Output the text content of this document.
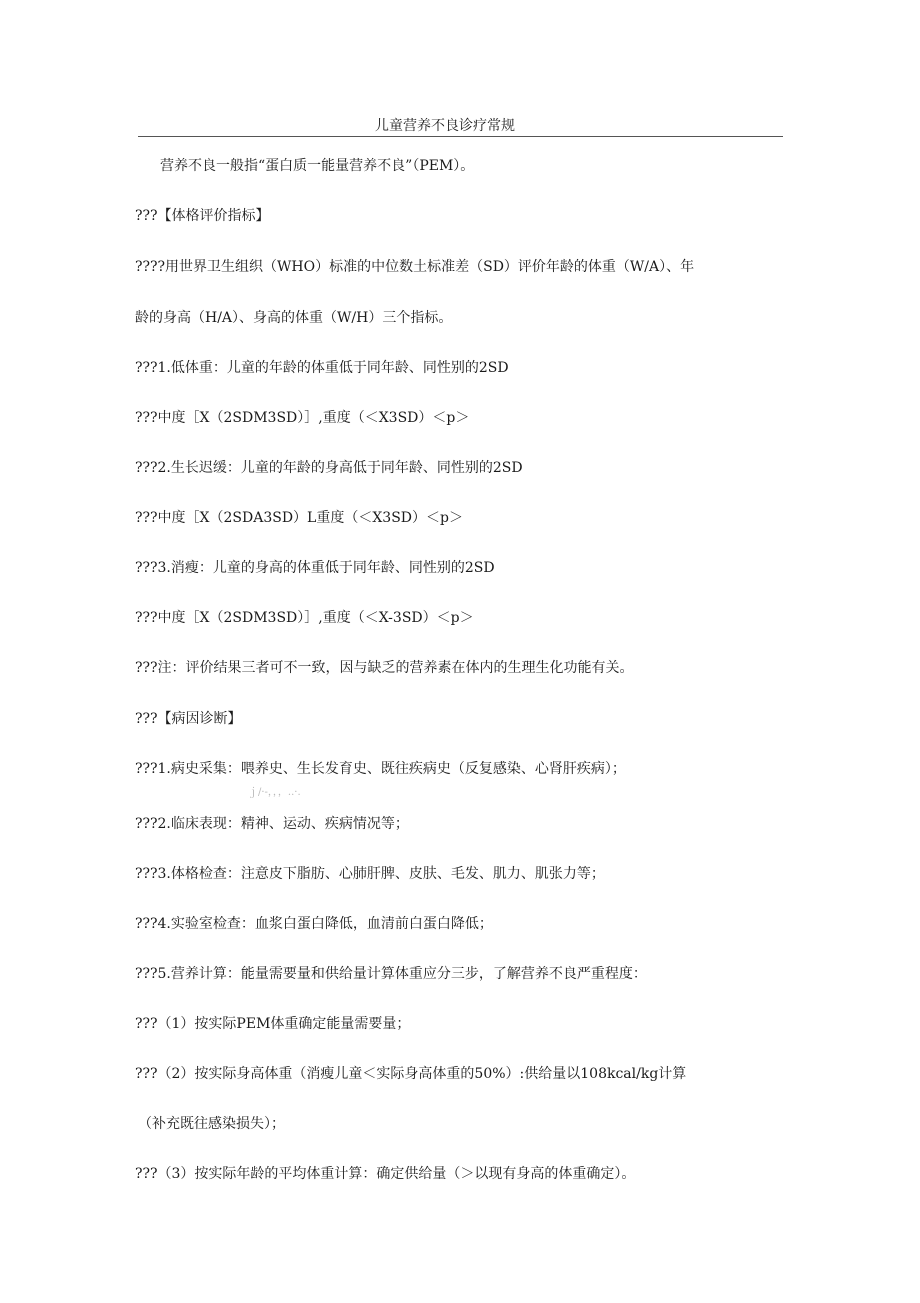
儿童营养不良诊疗常规
营养不良一般指“蛋白质一能量营养不良”（PEM）。
???【体格评价指标】
????用世界卫生组织（WHO）标准的中位数土标准差（SD）评价年龄的体重（W/A）、年
龄的身高（H/A）、身高的体重（W/H）三个指标。
???1.低体重：儿童的年龄的体重低于同年龄、同性别的2SD
???中度［X（2SDM3SD）］,重度（＜X3SD）＜p＞
???2.生长迟缓：儿童的年龄的身高低于同年龄、同性别的2SD
???中度［X（2SDA3SD）L重度（＜X3SD）＜p＞
???3.消瘦：儿童的身高的体重低于同年龄、同性别的2SD
???中度［X（2SDM3SD）］,重度（＜X-3SD）＜p＞
???注：评价结果三者可不一致，因与缺乏的营养素在体内的生理生化功能有关。
???【病因诊断】
???1.病史采集：喂养史、生长发育史、既往疾病史（反复感染、心肾肝疾病）；
ｊ/·-，，，..·.
???2.临床表现：精神、运动、疾病情况等；
???3.体格检查：注意皮下脂肪、心肺肝脾、皮肤、毛发、肌力、肌张力等；
???4.实验室检查：血浆白蛋白降低，血清前白蛋白降低；
???5.营养计算：能量需要量和供给量计算体重应分三步，了解营养不良严重程度：
???（1）按实际PEM体重确定能量需要量；
???（2）按实际身高体重（消瘦儿童＜实际身高体重的50%）:供给量以108kcal/kg计算
（补充既往感染损失）；
???（3）按实际年龄的平均体重计算：确定供给量（＞以现有身高的体重确定）。
